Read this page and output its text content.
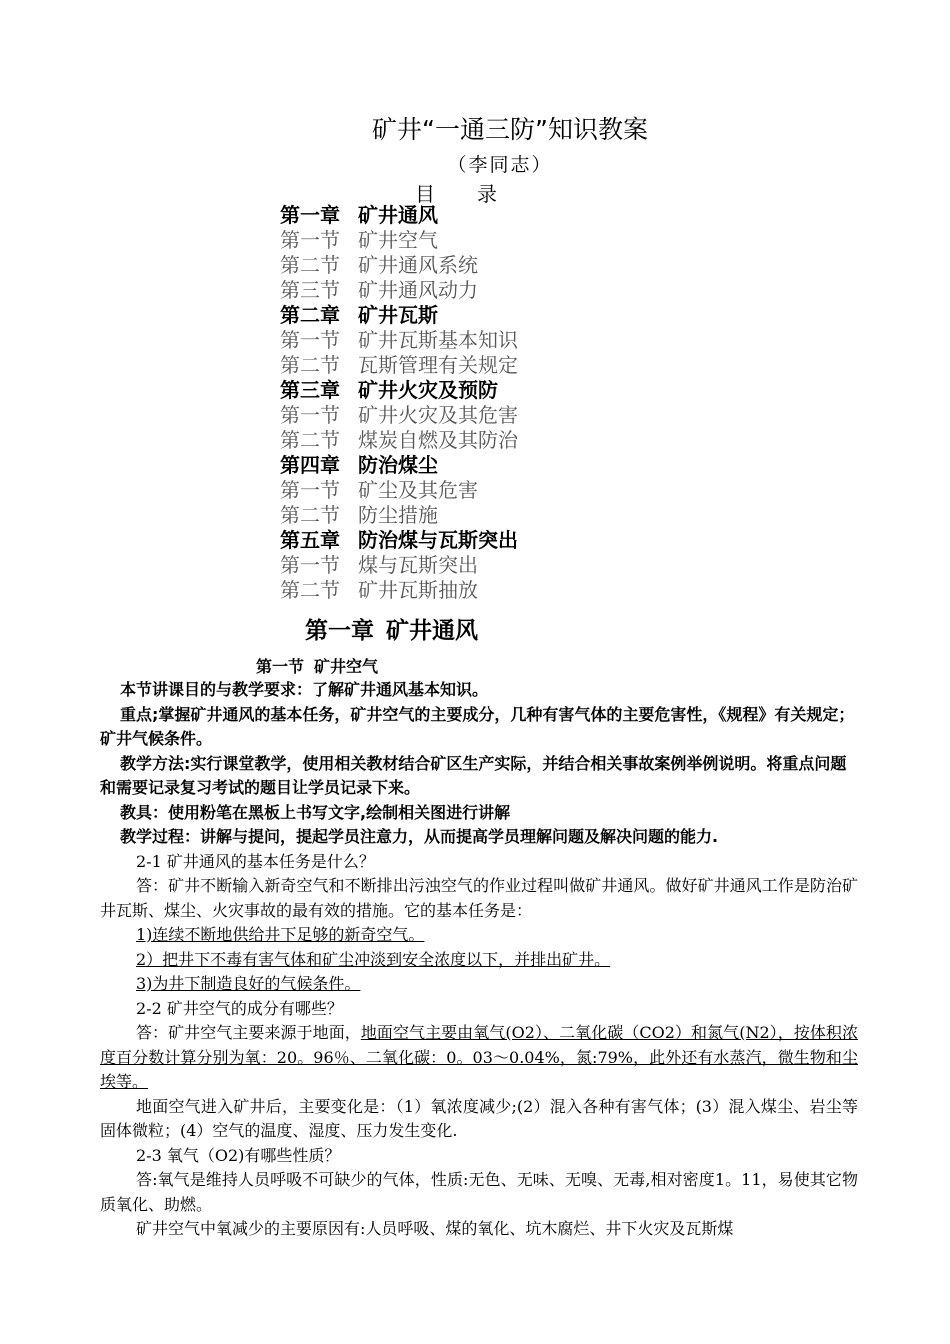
矿井“一通三防”知识教案
（李同志）
目 录
第一章 矿井通风
第一节 矿井空气
第二节 矿井通风系统
第三节 矿井通风动力
第二章 矿井瓦斯
第一节 矿井瓦斯基本知识
第二节 瓦斯管理有关规定
第三章 矿井火灾及预防
第一节 矿井火灾及其危害
第二节 煤炭自燃及其防治
第四章 防治煤尘
第一节 矿尘及其危害
第二节 防尘措施
第五章 防治煤与瓦斯突出
第一节 煤与瓦斯突出
第二节 矿井瓦斯抽放
第一章 矿井通风
第一节 矿井空气

本节讲课目的与教学要求：了解矿井通风基本知识。

重点;掌握矿井通风的基本任务，矿井空气的主要成分，几种有害气体的主要危害性，《规程》有关规定；矿井气候条件。

教学方法:实行课堂教学，使用相关教材结合矿区生产实际，并结合相关事故案例举例说明。将重点问题和需要记录复习考试的题目让学员记录下来。

教具：使用粉笔在黑板上书写文字,绘制相关图进行讲解

教学过程：讲解与提问，提起学员注意力，从而提高学员理解问题及解决问题的能力.

2-1 矿井通风的基本任务是什么？

答：矿井不断输入新奇空气和不断排出污浊空气的作业过程叫做矿井通风。做好矿井通风工作是防治矿井瓦斯、煤尘、火灾事故的最有效的措施。它的基本任务是：

1)连续不断地供给井下足够的新奇空气。

2）把井下不毒有害气体和矿尘冲淡到安全浓度以下，并排出矿井。

3)为井下制造良好的气候条件。

2-2 矿井空气的成分有哪些？

答：矿井空气主要来源于地面，地面空气主要由氧气(O2）、二氧化碳（CO2）和氮气(N2），按体积浓度百分数计算分别为氧：20。96％、二氧化碳：0。03～0.04%，氮:79%，此外还有水蒸汽，微生物和尘埃等。

地面空气进入矿井后，主要变化是：（1）氧浓度减少;(2）混入各种有害气体；(3）混入煤尘、岩尘等固体微粒；(4）空气的温度、湿度、压力发生变化.

2-3 氧气（O2)有哪些性质？

答:氧气是维持人员呼吸不可缺少的气体，性质:无色、无味、无嗅、无毒,相对密度1。11，易使其它物质氧化、助燃。

矿井空气中氧减少的主要原因有:人员呼吸、煤的氧化、坑木腐烂、井下火灾及瓦斯煤
